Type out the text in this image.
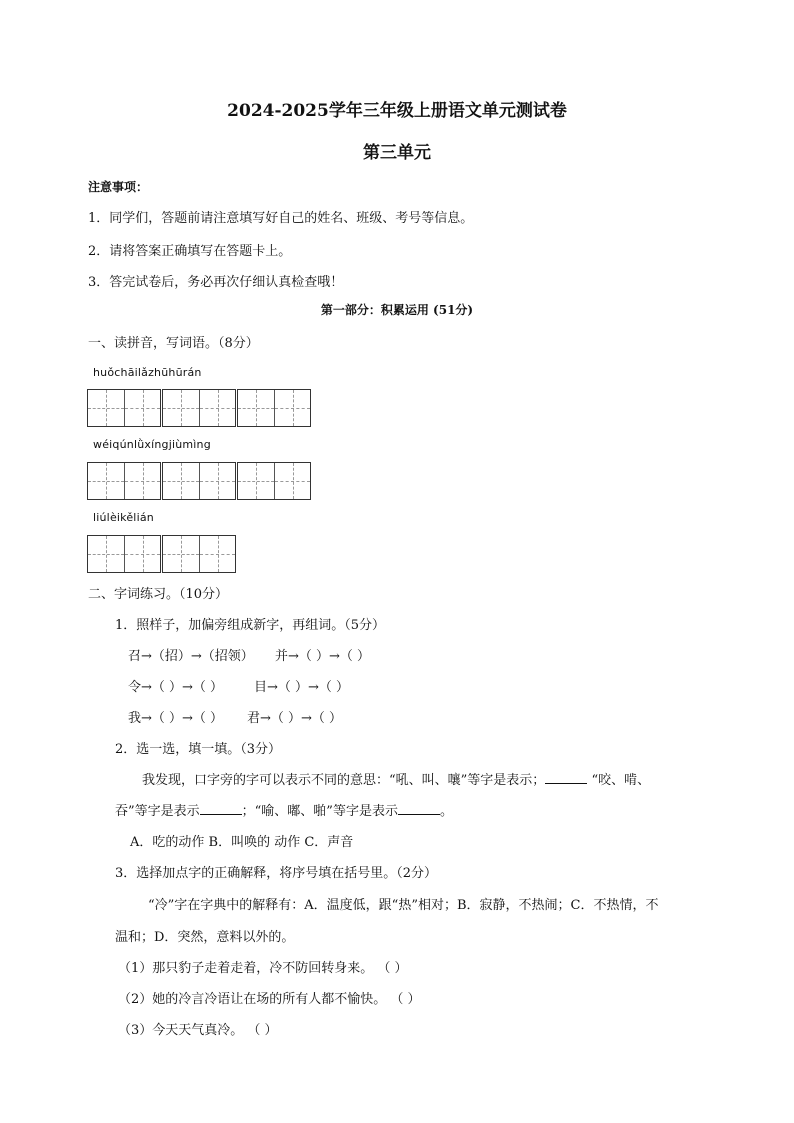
2024-2025学年三年级上册语文单元测试卷
第三单元
注意事项：
1．同学们，答题前请注意填写好自己的姓名、班级、考号等信息。
2．请将答案正确填写在答题卡上。
3．答完试卷后，务必再次仔细认真检查哦！
第一部分：积累运用 (51分)
一、读拼音，写词语。（8分）
huǒchāilǎzhūhūrán
wéiqúnlǜxíngjiùmìng
liúlèikělián
二、字词练习。（10分）
1．照样子，加偏旁组成新字，再组词。（5分）
召→（招）→（招领） 并→（ ）→（ ）
令→（ ）→（ ） 目→（ ）→（ ）
我→（ ）→（ ） 君→（ ）→（ ）
2．选一选，填一填。（3分）
我发现，口字旁的字可以表示不同的意思：“吼、叫、嚷”等字是表示；	“咬、啃、
吞”等字是表示	；“喻、嘟、啪”等字是表示	。
A．吃的动作 B．叫唤的 动作 C．声音
3．选择加点字的正确解释，将序号填在括号里。（2分）
“冷”字在字典中的解释有：A．温度低，跟“热”相对；B．寂静，不热闹；C．不热情，不
温和；D．突然，意料以外的。
（1）那只豹子走着走着，冷不防回转身来。 （ ）
（2）她的冷言冷语让在场的所有人都不愉快。 （ ）
（3）今天天气真冷。 （ ）
